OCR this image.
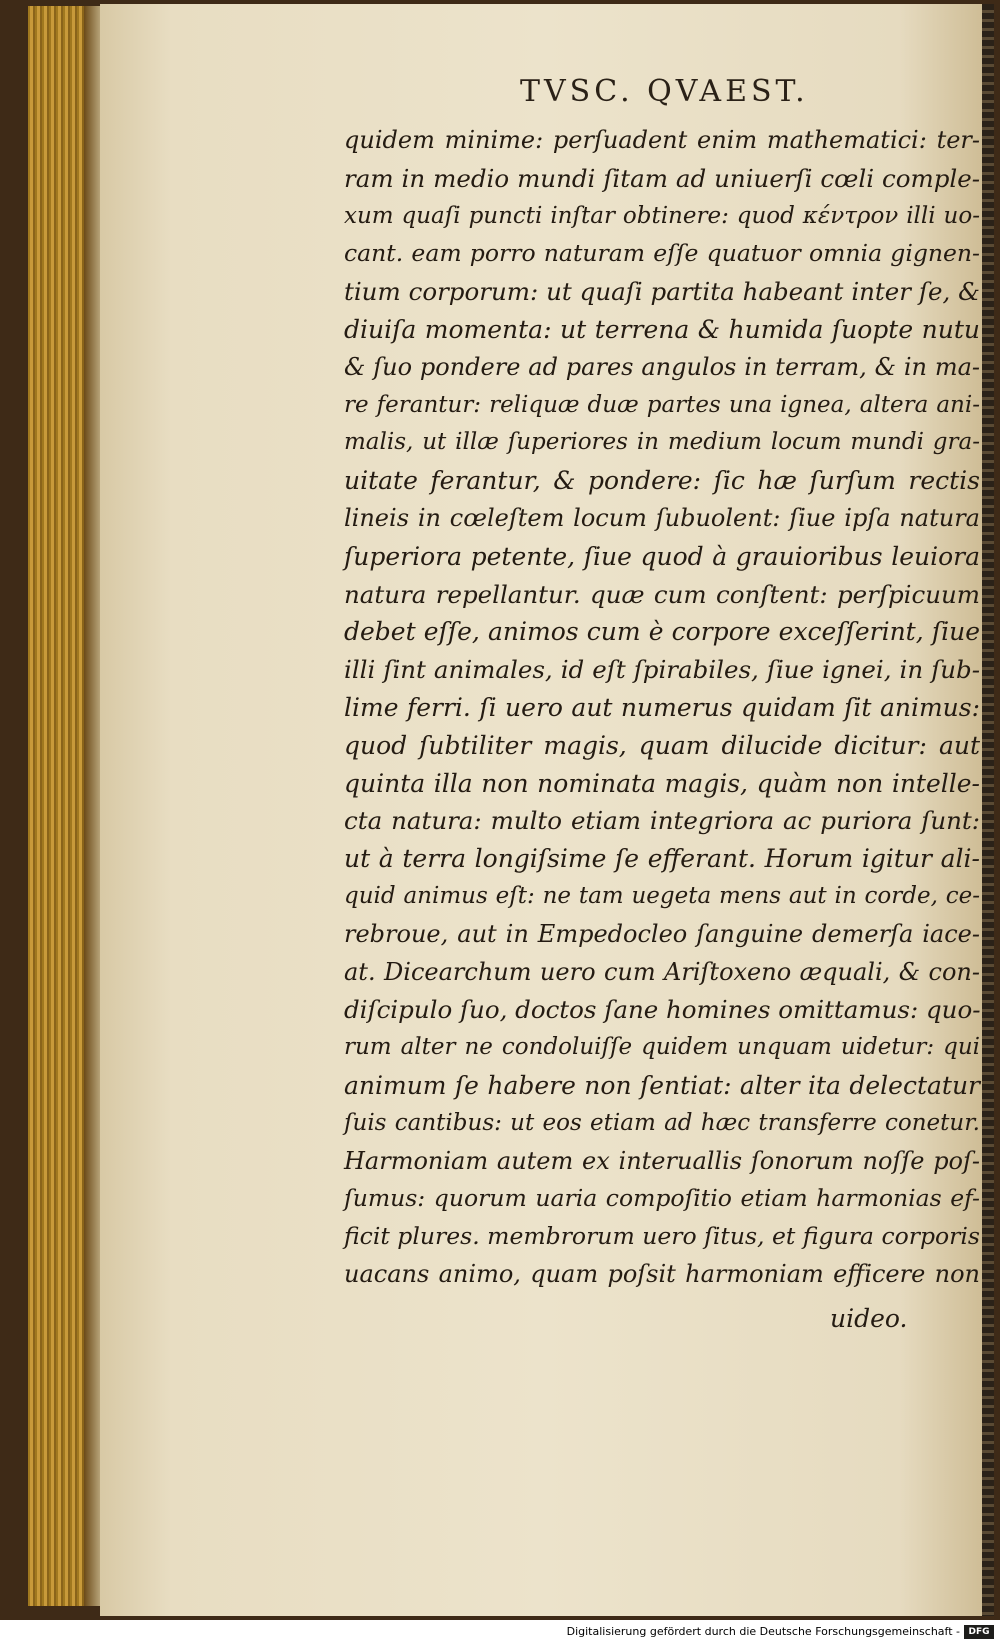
TVSC. QVAEST.
quidem minime: perſuadent enim mathematici: ter-
ram in medio mundi ſitam ad uniuerſi cœli comple-
xum quaſi puncti inſtar obtinere: quod κέντρον illi uo-
cant. eam porro naturam eſſe quatuor omnia gignen-
tium corporum: ut quaſi partita habeant inter ſe, &
diuiſa momenta: ut terrena & humida ſuopte nutu
& ſuo pondere ad pares angulos in terram, & in ma-
re ferantur: reliquæ duæ partes una ignea, altera ani-
malis, ut illæ ſuperiores in medium locum mundi gra-
uitate ferantur, & pondere: ſic hæ ſurſum rectis
lineis in cœleſtem locum ſubuolent: ſiue ipſa natura
ſuperiora petente, ſiue quod à grauioribus leuiora
natura repellantur. quæ cum conſtent: perſpicuum
debet eſſe, animos cum è corpore exceſſerint, ſiue
illi ſint animales, id eſt ſpirabiles, ſiue ignei, in ſub-
lime ferri. ſi uero aut numerus quidam ſit animus:
quod ſubtiliter magis, quam dilucide dicitur: aut
quinta illa non nominata magis, quàm non intelle-
cta natura: multo etiam integriora ac puriora ſunt:
ut à terra longiſsime ſe efferant. Horum igitur ali-
quid animus eſt: ne tam uegeta mens aut in corde, ce-
rebroue, aut in Empedocleo ſanguine demerſa iace-
at. Dicearchum uero cum Ariſtoxeno æquali, & con-
diſcipulo ſuo, doctos ſane homines omittamus: quo-
rum alter ne condoluiſſe quidem unquam uidetur: qui
animum ſe habere non ſentiat: alter ita delectatur
ſuis cantibus: ut eos etiam ad hæc transferre conetur.
Harmoniam autem ex interuallis ſonorum noſſe poſ-
ſumus: quorum uaria compoſitio etiam harmonias ef-
ficit plures. membrorum uero ſitus, et figura corporis
uacans animo, quam poſsit harmoniam efficere non
uideo.
Digitalisierung gefördert durch die Deutsche Forschungsgemeinschaft - DFG
